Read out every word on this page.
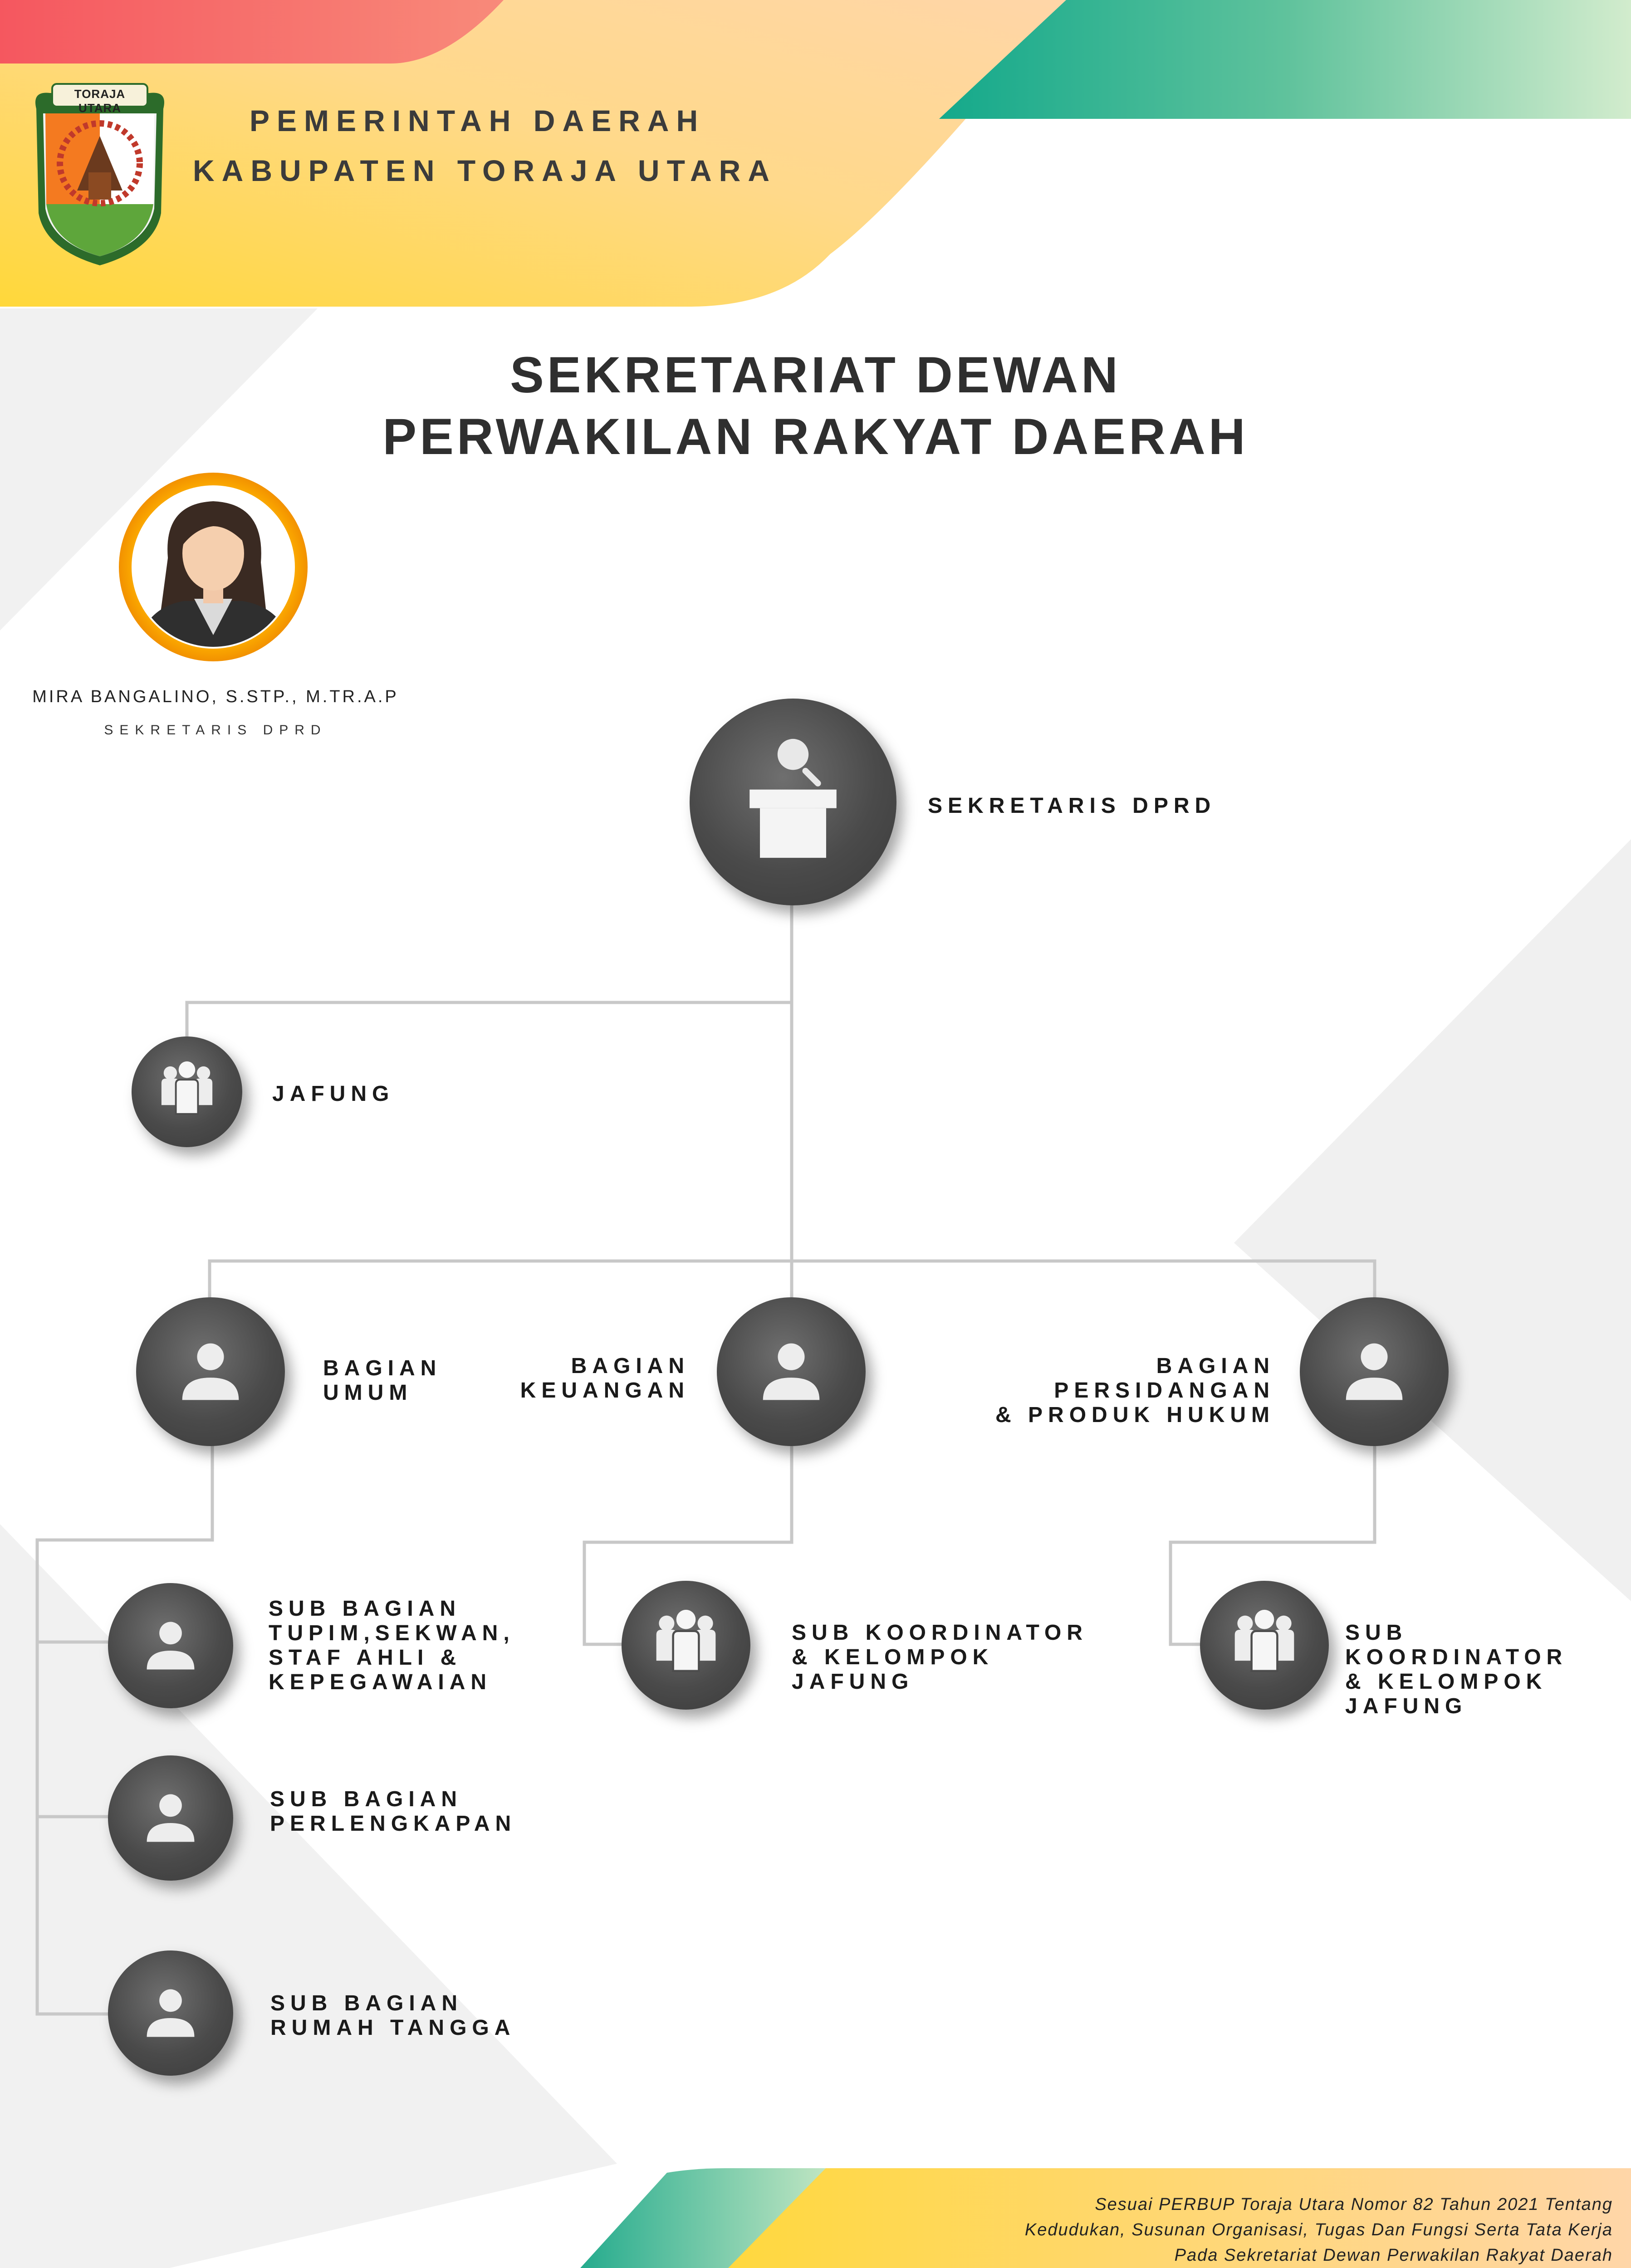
TORAJA UTARA	PEMERINTAH DAERAH
KABUPATEN TORAJA UTARA
SEKRETARIAT DEWAN
PERWAKILAN RAKYAT DAERAH
MIRA BANGALINO, S.STP., M.TR.A.P
SEKRETARIS DPRD
SEKRETARIS DPRD
JAFUNG
BAGIAN
UMUM
BAGIAN
KEUANGAN
BAGIAN
PERSIDANGAN
& PRODUK HUKUM
SUB BAGIAN
TUPIM,SEKWAN,
STAF AHLI &
KEPEGAWAIAN
SUB BAGIAN
PERLENGKAPAN
SUB BAGIAN
RUMAH TANGGA
SUB KOORDINATOR
& KELOMPOK
JAFUNG
SUB KOORDINATOR
& KELOMPOK
JAFUNG
Sesuai PERBUP Toraja Utara Nomor 82 Tahun 2021 Tentang
Kedudukan, Susunan Organisasi, Tugas Dan Fungsi Serta Tata Kerja
Pada Sekretariat Dewan Perwakilan Rakyat Daerah
